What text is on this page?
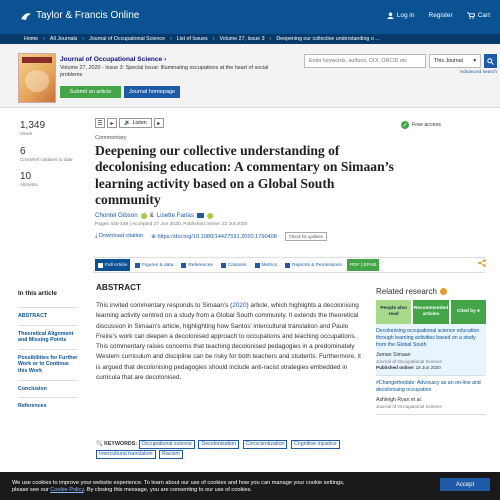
Taylor & Francis Online	Log in Register	Cart
Home › All Journals › Journal of Occupational Science › List of Issues › Volume 27, Issue 3 › Deepening our collective understanding o ...
Journal of Occupational Science ›
Volume 27, 2020 - Issue 3: Special Issue: Illuminating occupations at the heart of social problems
Submit an article	Journal homepage
Enter keywords, authors, DOI, ORCID etc	This Journal ▾
Advanced search
1,349
Views
6
CrossRef citations to date
10
Altmetric
☰	▸	🔊 Listen	▸	✓ Free access
Commentary
Deepening our collective understanding of decolonising education: A commentary on Simaan’s learning activity based on a Global South community
Chontel Gibson & Lisette Farias
Pages 445-448 | Accepted 27 Jun 2020, Published online: 22 Jul 2020
⤓ Download citation ⊕ https://doi.org/10.1080/14427591.2020.1790408	Check for updates
Full Article	Figures & data	References	Citations	Metrics	Reprints & Permissions	PDF | EPUB
In this article
ABSTRACT
Theoretical Alignment and Missing Points
Possibilities for Further Work or to Continue this Work
Conclusion
References
ABSTRACT
This invited commentary responds to Simaan’s (2020) article, which highlights a decolonising learning activity centred on a study from a Global South community. It extends the theoretical discussion in Simaan’s article, highlighting how Santos’ intercultural translation and Paulo Freire’s work can deepen a decolonised approach to occupations and teaching occupations. This commentary raises concerns that teaching decolonised pedagogies in a predominately Western curriculum and discipline can be risky for both teachers and students. Furthermore, it is argued that decolonising pedagogies should include anti-racist strategies embedded in curricula that are decolonised.
🔍 KEYWORDS: Occupational science Decolonisation Conscientization Cognitive injustice Intercultural translation Racism
Related research
People also read
Recommended articles
Cited by 6
Decolonising occupational science education through learning activities based on a study from the Global South
Juman Simaan
Journal of Occupational Science
Published online: 18 Jun 2020
#Changethedate: Advocacy as an on-line and decolonising occupation
Ashleigh Ryan et al.
Journal of Occupational Science
We use cookies to improve your website experience. To learn about our use of cookies and how you can manage your cookie settings,
please see our Cookie Policy. By closing this message, you are consenting to our use of cookies.
Accept
